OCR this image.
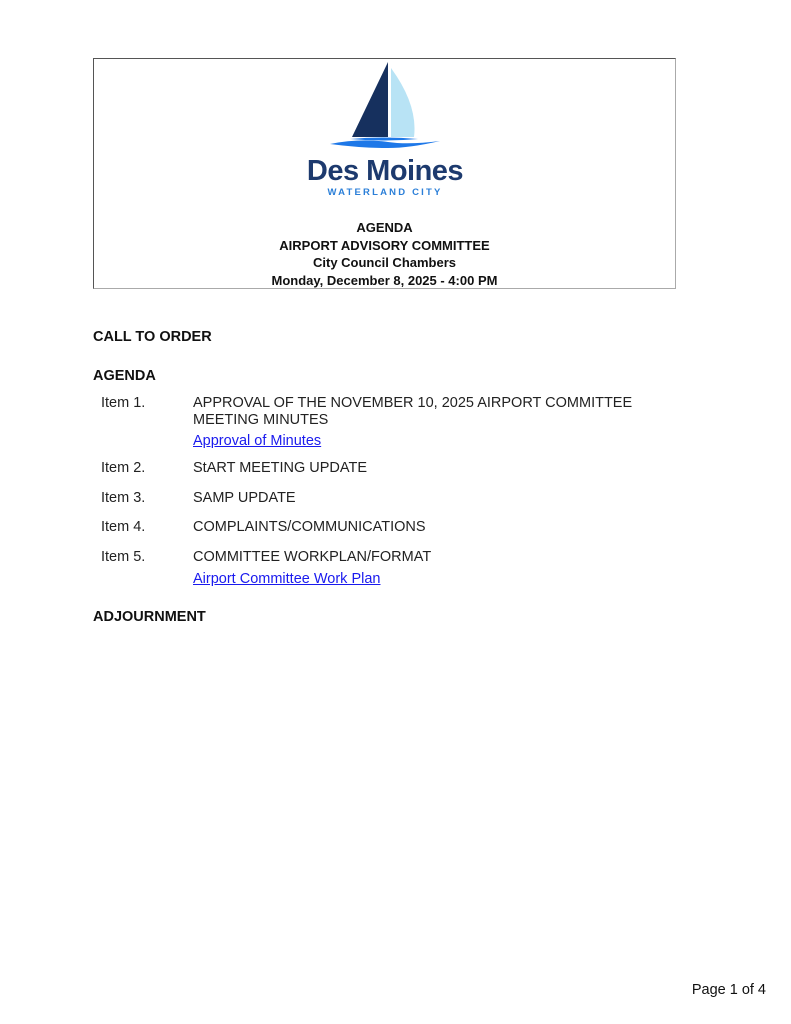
Des Moines
WATERLAND CITY
AGENDA
AIRPORT ADVISORY COMMITTEE
City Council Chambers
Monday, December 8, 2025 - 4:00 PM
CALL TO ORDER
AGENDA
Item 1.	APPROVAL OF THE NOVEMBER 10, 2025 AIRPORT COMMITTEE MEETING MINUTES
Approval of Minutes
Item 2.	StART MEETING UPDATE
Item 3.	SAMP UPDATE
Item 4.	COMPLAINTS/COMMUNICATIONS
Item 5.	COMMITTEE WORKPLAN/FORMAT
Airport Committee Work Plan
ADJOURNMENT
Page 1 of 4
